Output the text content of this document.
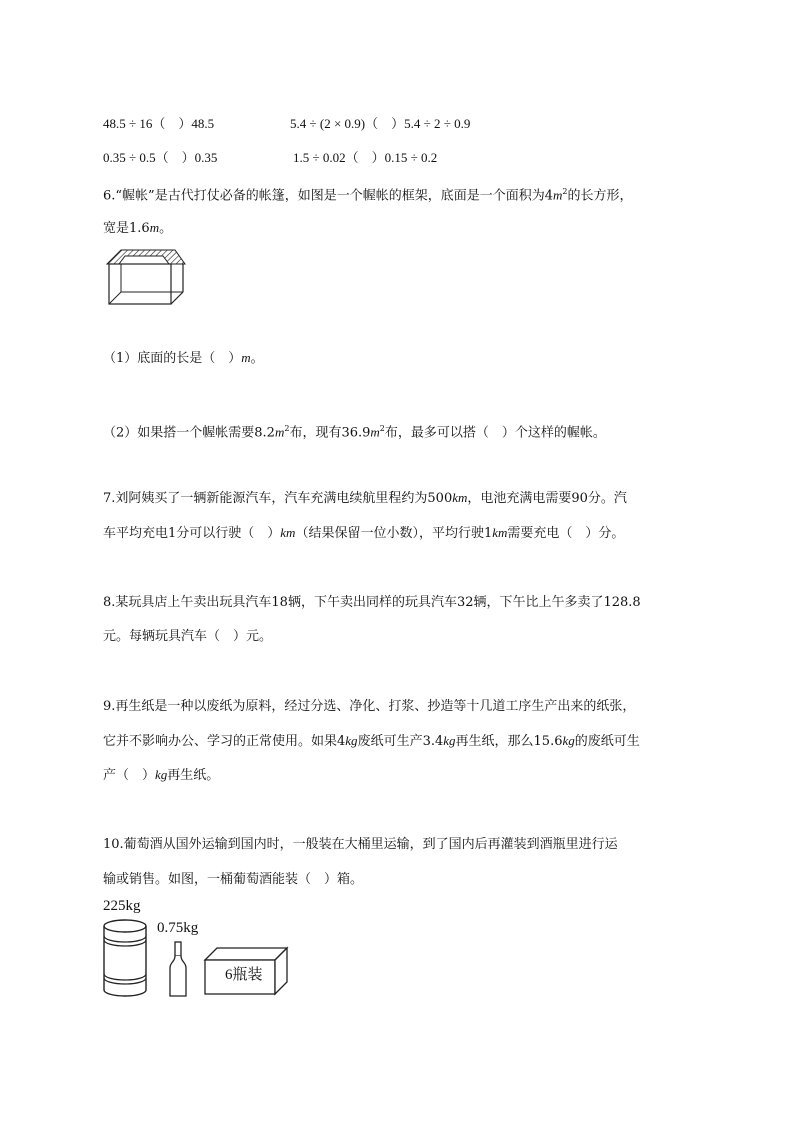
48.5 ÷ 16（　）48.5	5.4 ÷ (2 × 0.9)（　）5.4 ÷ 2 ÷ 0.9
0.35 ÷ 0.5（　）0.35	1.5 ÷ 0.02（　）0.15 ÷ 0.2
6.“幄帐”是古代打仗必备的帐篷，如图是一个幄帐的框架，底面是一个面积为$4m^2$的长方形，
宽是1.6m。
（1）底面的长是（　）m。
（2）如果搭一个幄帐需要$8.2m^2$布，现有$36.9m^2$布，最多可以搭（　）个这样的幄帐。
7.刘阿姨买了一辆新能源汽车，汽车充满电续航里程约为500km，电池充满电需要90分。汽
车平均充电1分可以行驶（　）km（结果保留一位小数），平均行驶1km需要充电（　）分。
8.某玩具店上午卖出玩具汽车18辆，下午卖出同样的玩具汽车32辆，下午比上午多卖了128.8
元。每辆玩具汽车（　）元。
9.再生纸是一种以废纸为原料，经过分选、净化、打浆、抄造等十几道工序生产出来的纸张，
它并不影响办公、学习的正常使用。如果4kg废纸可生产3.4kg再生纸，那么15.6kg的废纸可生
产（　）kg再生纸。
10.葡萄酒从国外运输到国内时，一般装在大桶里运输，到了国内后再灌装到酒瓶里进行运
输或销售。如图，一桶葡萄酒能装（　）箱。
225kg
0.75kg
6瓶装
